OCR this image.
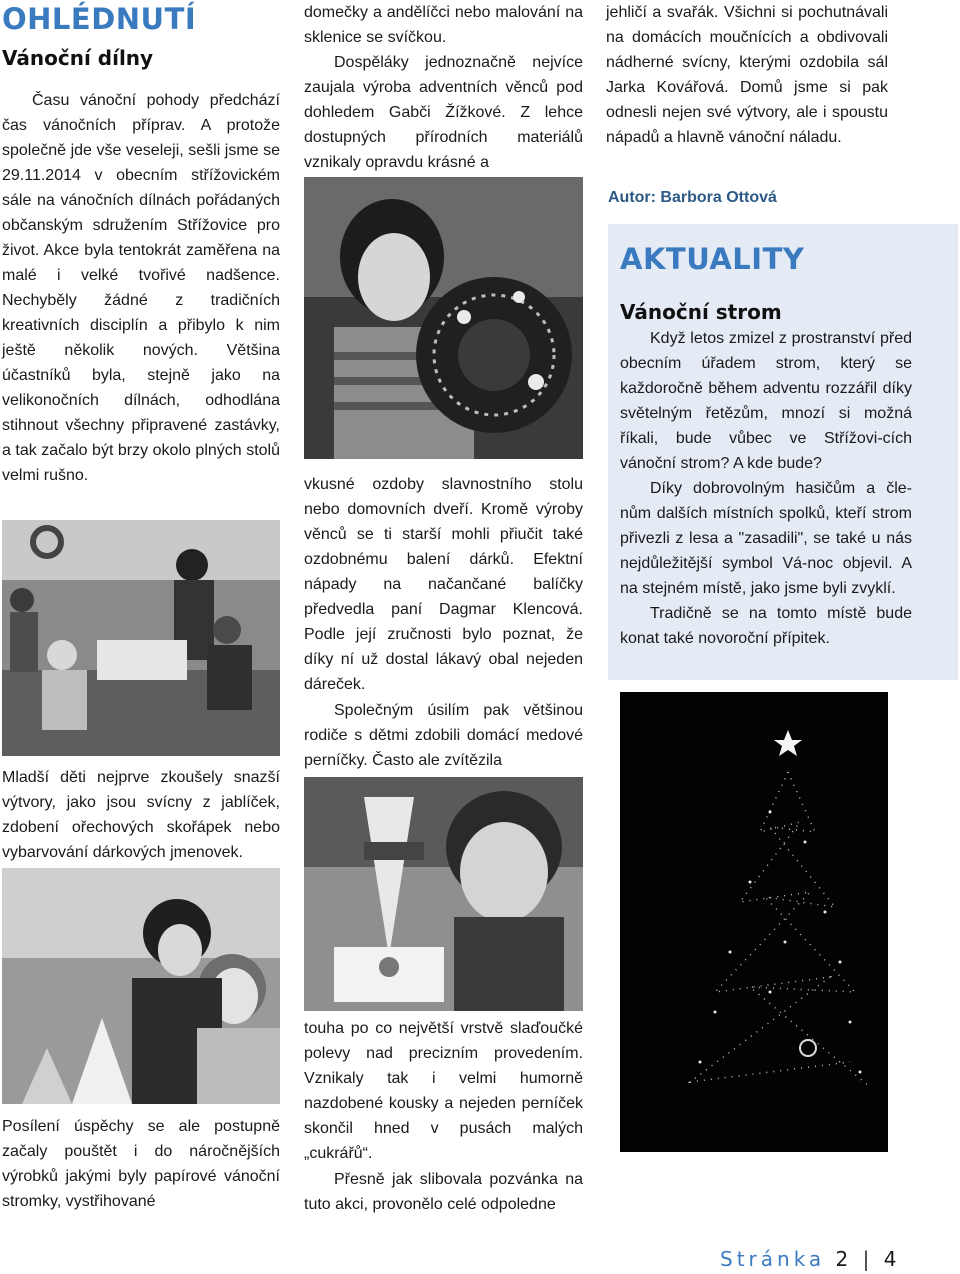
OHLÉDNUTÍ
Vánoční dílny

Času vánoční pohody předchází čas vánočních příprav. A protože společně jde vše veseleji, sešli jsme se 29.11.2014 v obecním střížovickém sále na vánočních dílnách pořádaných občanským sdružením Střížovice pro život. Akce byla tentokrát zaměřena na malé i velké tvořivé nadšence. Nechyběly žádné z tradičních kreativních disciplín a přibylo k nim ještě několik nových. Většina účastníků byla, stejně jako na velikonočních dílnách, odhodlána stihnout všechny připravené zastávky, a tak začalo být brzy okolo plných stolů velmi rušno.

Mladší děti nejprve zkoušely snazší výtvory, jako jsou svícny z jablíček, zdobení ořechových skořápek nebo vybarvování dárkových jmenovek.

Posílení úspěchy se ale postupně začaly pouštět i do náročnějších výrobků jakými byly papírové vánoční stromky, vystřihované

domečky a andělíčci nebo malování na sklenice se svíčkou.

Dospěláky jednoznačně nejvíce zaujala výroba adventních věnců pod dohledem Gabči Žížkové. Z lehce dostupných přírodních materiálů vznikaly opravdu krásné a

vkusné ozdoby slavnostního stolu nebo domovních dveří. Kromě výroby věnců se ti starší mohli přiučit také ozdobnému balení dárků. Efektní nápady na načančané balíčky předvedla paní Dagmar Klencová. Podle její zručnosti bylo poznat, že díky ní už dostal lákavý obal nejeden dáreček.

Společným úsilím pak většinou rodiče s dětmi zdobili domácí medové perníčky. Často ale zvítězila

touha po co největší vrstvě slaďoučké polevy nad precizním provedením. Vznikaly tak i velmi humorně nazdobené kousky a nejeden perníček skončil hned v pusách malých „cukrářů“.

Přesně jak slibovala pozvánka na tuto akci, provonělo celé odpoledne

jehličí a svařák. Všichni si pochutnávali na domácích moučnících a obdivovali nádherné svícny, kterými ozdobila sál Jarka Kovářová. Domů jsme si pak odnesli nejen své výtvory, ale i spoustu nápadů a hlavně vánoční náladu.

Autor: Barbora Ottová

AKTUALITY
Vánoční strom

Když letos zmizel z prostranství před obecním úřadem strom, který se každoročně během adventu rozzářil díky světelným řetězům, mnozí si možná říkali, bude vůbec ve Střížovi-cích vánoční strom? A kde bude?

Díky dobrovolným hasičům a čle-nům dalších místních spolků, kteří strom přivezli z lesa a "zasadili", se také u nás nejdůležitější symbol Vá-noc objevil. A na stejném místě, jako jsme byli zvyklí.

Tradičně se na tomto místě bude konat také novoroční přípitek.

Stránka 2 | 4
